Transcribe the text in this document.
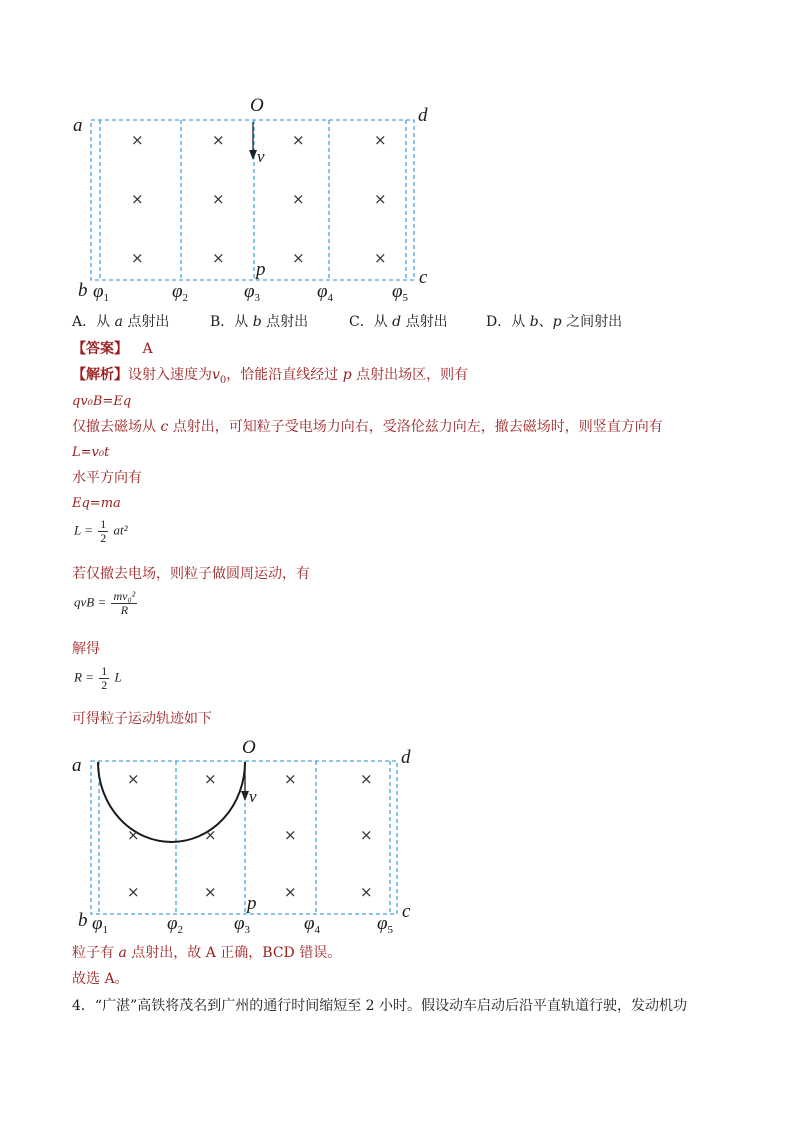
O
a	d
v
p
b
c
$\varphi_1$	$\varphi_2$	$\varphi_3$	$\varphi_4$	$\varphi_5$
×	×	×	×
×	×	×	×
×	×	×	×
A．从 a 点射出	B．从 b 点射出	C．从 d 点射出	D．从 b、p 之间射出
【答案】 A
【解析】设射入速度为$v_0$，恰能沿直线经过 p 点射出场区，则有
qv₀B=Eq
仅撤去磁场从 c 点射出，可知粒子受电场力向右，受洛伦兹力向左，撤去磁场时，则竖直方向有
L=v₀t
水平方向有
Eq=ma
$L = \frac{1}{2} at^2$
若仅撤去电场，则粒子做圆周运动，有
qvB = $\frac{\text{mv₀²}}{R}$
解得
$R = \frac{1}{2}$ L
可得粒子运动轨迹如下
O
a	d
v
p
b	c
$\varphi_1$	$\varphi_2$	$\varphi_3$	$\varphi_4$	$\varphi_5$
×	×	×	×
×	×	×	×
×	×	×	×
粒子有 a 点射出，故 A 正确，BCD 错误。
故选 A。
4．“广湛”高铁将茂名到广州的通行时间缩短至 2 小时。假设动车启动后沿平直轨道行驶，发动机功
